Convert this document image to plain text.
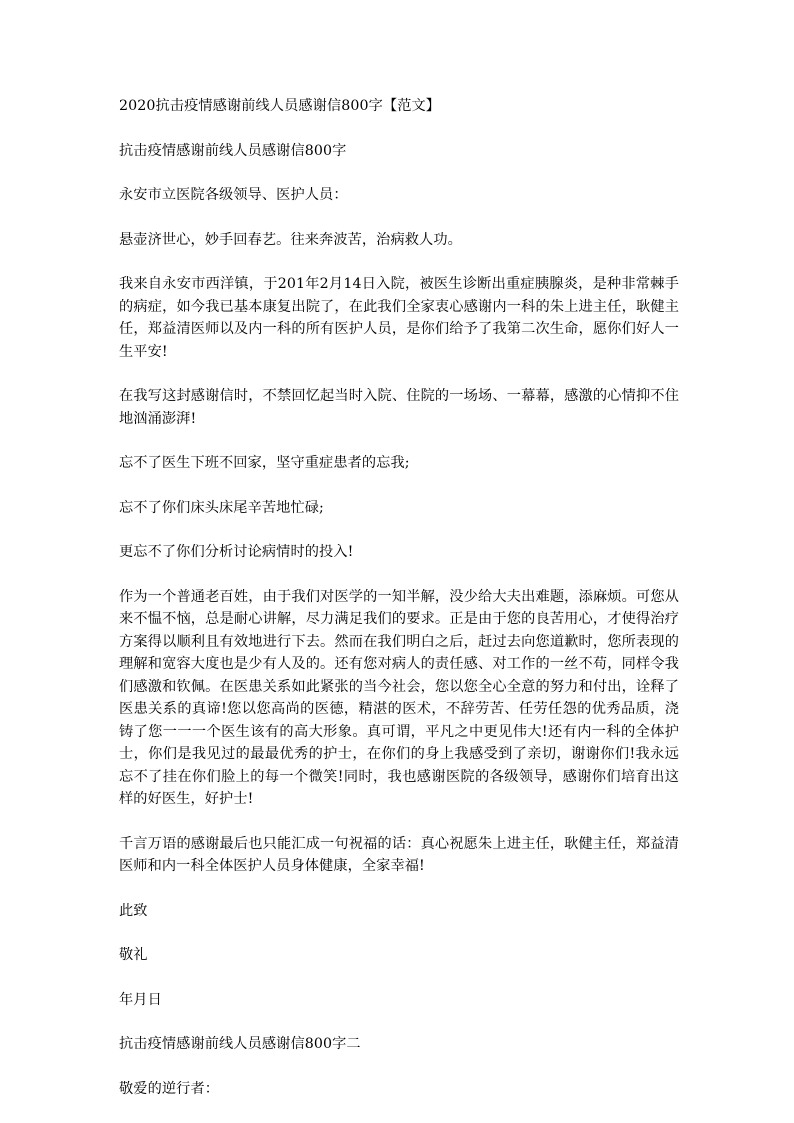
2020抗击疫情感谢前线人员感谢信800字【范文】

抗击疫情感谢前线人员感谢信800字

永安市立医院各级领导、医护人员：

悬壶济世心，妙手回春艺。往来奔波苦，治病救人功。

我来自永安市西洋镇，于201年2月14日入院，被医生诊断出重症胰腺炎，是种非常棘手的病症，如今我已基本康复出院了，在此我们全家衷心感谢内一科的朱上进主任，耿健主任，郑益清医师以及内一科的所有医护人员，是你们给予了我第二次生命，愿你们好人一生平安!

在我写这封感谢信时，不禁回忆起当时入院、住院的一场场、一幕幕，感激的心情抑不住地汹涌澎湃!

忘不了医生下班不回家，坚守重症患者的忘我;

忘不了你们床头床尾辛苦地忙碌;

更忘不了你们分析讨论病情时的投入!

作为一个普通老百姓，由于我们对医学的一知半解，没少给大夫出难题，添麻烦。可您从来不愠不恼，总是耐心讲解，尽力满足我们的要求。正是由于您的良苦用心，才使得治疗方案得以顺利且有效地进行下去。然而在我们明白之后，赶过去向您道歉时，您所表现的理解和宽容大度也是少有人及的。还有您对病人的责任感、对工作的一丝不苟，同样令我们感激和钦佩。在医患关系如此紧张的当今社会，您以您全心全意的努力和付出，诠释了医患关系的真谛!您以您高尚的医德，精湛的医术，不辞劳苦、任劳任怨的优秀品质，浇铸了您一一一个医生该有的高大形象。真可谓，平凡之中更见伟大!还有内一科的全体护士，你们是我见过的最最优秀的护士，在你们的身上我感受到了亲切，谢谢你们!我永远忘不了挂在你们脸上的每一个微笑!同时，我也感谢医院的各级领导，感谢你们培育出这样的好医生，好护士!

千言万语的感谢最后也只能汇成一句祝福的话：真心祝愿朱上进主任，耿健主任，郑益清医师和内一科全体医护人员身体健康，全家幸福!

此致

敬礼

年月日

抗击疫情感谢前线人员感谢信800字二

敬爱的逆行者：
